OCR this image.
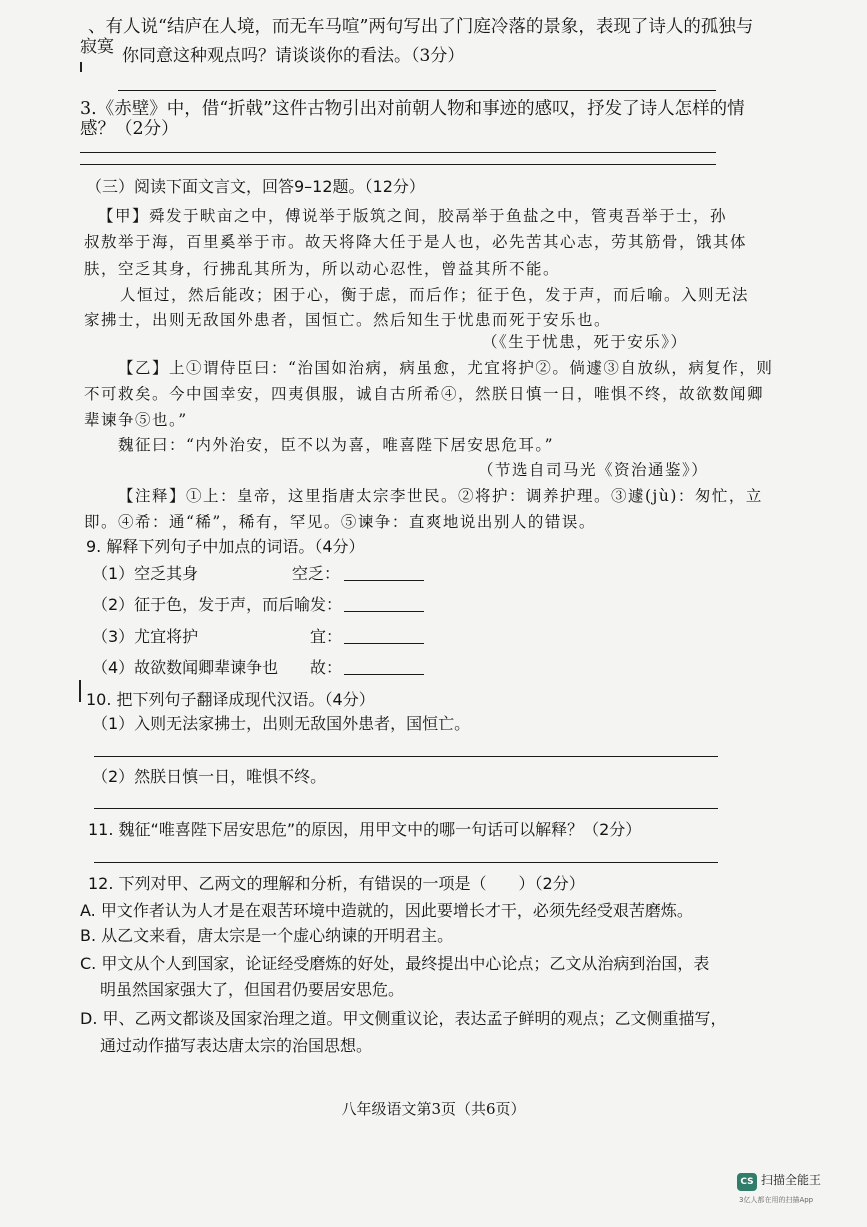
、有人说“结庐在人境，而无车马喧”两句写出了门庭冷落的景象，表现了诗人的孤独与
寂寞 你同意这种观点吗？请谈谈你的看法。（3分）
3.《赤壁》中，借“折戟”这件古物引出对前朝人物和事迹的感叹，抒发了诗人怎样的情
感？（2分）
（三）阅读下面文言文，回答9–12题。（12分）
【甲】舜发于畎亩之中，傅说举于版筑之间，胶鬲举于鱼盐之中，管夷吾举于士，孙
叔敖举于海，百里奚举于市。故天将降大任于是人也，必先苦其心志，劳其筋骨，饿其体
肤，空乏其身，行拂乱其所为，所以动心忍性，曾益其所不能。
人恒过，然后能改；困于心，衡于虑，而后作；征于色，发于声，而后喻。入则无法
家拂士，出则无敌国外患者，国恒亡。然后知生于忧患而死于安乐也。
（《生于忧患，死于安乐》）
【乙】上①谓侍臣曰：“治国如治病，病虽愈，尤宜将护②。倘遽③自放纵，病复作，则
不可救矣。今中国幸安，四夷俱服，诚自古所希④，然朕日慎一日，唯惧不终，故欲数闻卿
辈谏争⑤也。”
魏征曰：“内外治安，臣不以为喜，唯喜陛下居安思危耳。”
（节选自司马光《资治通鉴》）
【注释】①上：皇帝，这里指唐太宗李世民。②将护：调养护理。③遽(jù)：匆忙，立
即。④希：通“稀”，稀有，罕见。⑤谏争：直爽地说出别人的错误。
9. 解释下列句子中加点的词语。（4分）
（1）空乏其身	空乏：
（2）征于色，发于声，而后喻 发：
（3）尤宜将护	宜：
（4）故欲数闻卿辈谏争也 故：
10. 把下列句子翻译成现代汉语。（4分）
（1）入则无法家拂士，出则无敌国外患者，国恒亡。
（2）然朕日慎一日，唯惧不终。
11. 魏征“唯喜陛下居安思危”的原因，用甲文中的哪一句话可以解释？（2分）
12. 下列对甲、乙两文的理解和分析，有错误的一项是（　　）（2分）
A. 甲文作者认为人才是在艰苦环境中造就的，因此要增长才干，必须先经受艰苦磨炼。
B. 从乙文来看，唐太宗是一个虚心纳谏的开明君主。
C. 甲文从个人到国家，论证经受磨炼的好处，最终提出中心论点；乙文从治病到治国，表
明虽然国家强大了，但国君仍要居安思危。
D. 甲、乙两文都谈及国家治理之道。甲文侧重议论，表达孟子鲜明的观点；乙文侧重描写，
通过动作描写表达唐太宗的治国思想。
八年级语文第3页（共6页）
CS 扫描全能王
3亿人都在用的扫描App
